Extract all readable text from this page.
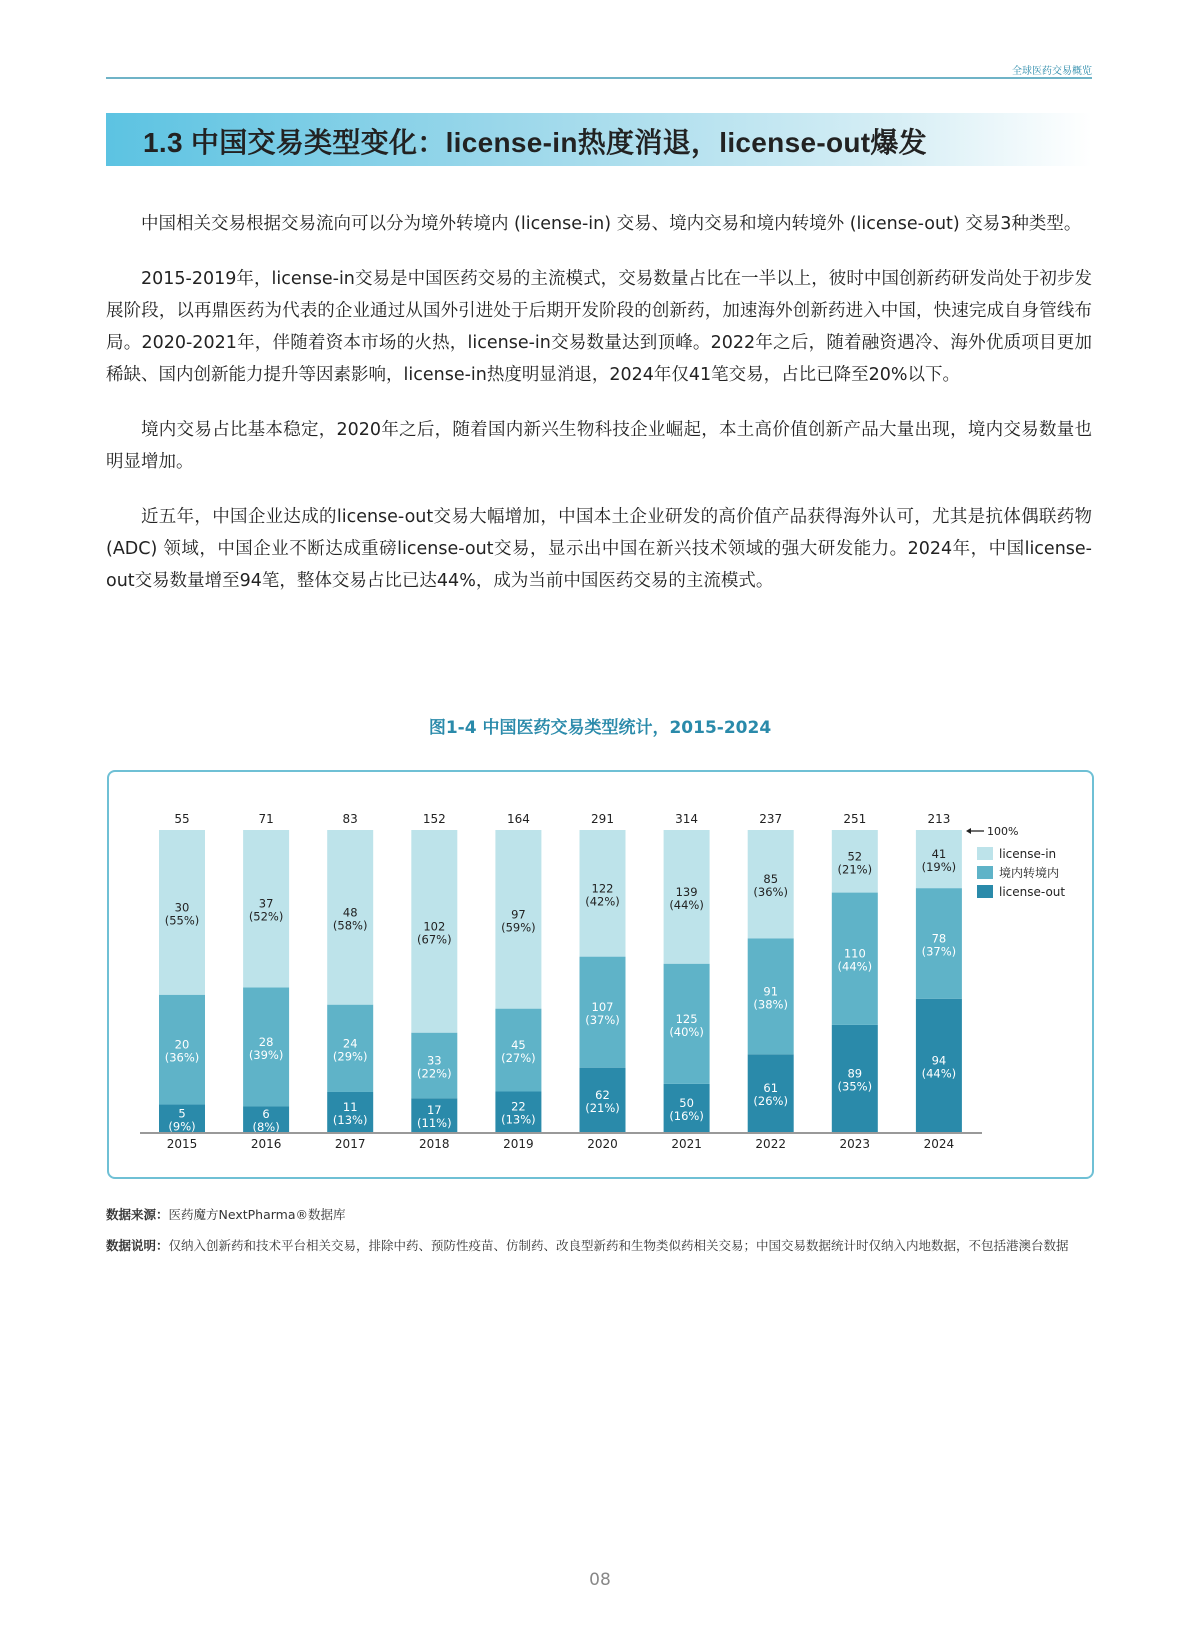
全球医药交易概览
1.3 中国交易类型变化：license-in热度消退，license-out爆发

中国相关交易根据交易流向可以分为境外转境内 (license-in) 交易、境内交易和境内转境外 (license-out) 交易3种类型。

2015-2019年，license-in交易是中国医药交易的主流模式，交易数量占比在一半以上，彼时中国创新药研发尚处于初步发展阶段，以再鼎医药为代表的企业通过从国外引进处于后期开发阶段的创新药，加速海外创新药进入中国，快速完成自身管线布局。2020-2021年，伴随着资本市场的火热，license-in交易数量达到顶峰。2022年之后，随着融资遇冷、海外优质项目更加稀缺、国内创新能力提升等因素影响，license-in热度明显消退，2024年仅41笔交易，占比已降至20%以下。

境内交易占比基本稳定，2020年之后，随着国内新兴生物科技企业崛起，本土高价值创新产品大量出现，境内交易数量也明显增加。

近五年，中国企业达成的license-out交易大幅增加，中国本土企业研发的高价值产品获得海外认可，尤其是抗体偶联药物 (ADC) 领域，中国企业不断达成重磅license-out交易，显示出中国在新兴技术领域的强大研发能力。2024年，中国license-out交易数量增至94笔，整体交易占比已达44%，成为当前中国医药交易的主流模式。

图1-4 中国医药交易类型统计，2015-2024
5
(9%)
20
(36%)
30
(55%)
55
2015
6
(8%)
28
(39%)
37
(52%)
71
2016
11
(13%)
24
(29%)
48
(58%)
83
2017
17
(11%)
33
(22%)
102
(67%)
152
2018
22
(13%)
45
(27%)
97
(59%)
164
2019
62
(21%)
107
(37%)
122
(42%)
291
2020
50
(16%)
125
(40%)
139
(44%)
314
2021
61
(26%)
91
(38%)
85
(36%)
237
2022
89
(35%)
110
(44%)
52
(21%)
251
2023
94
(44%)
78
(37%)
41
(19%)
213
2024
100%
license-in
境内转境内
license-out
数据来源：医药魔方NextPharma®数据库
数据说明：仅纳入创新药和技术平台相关交易，排除中药、预防性疫苗、仿制药、改良型新药和生物类似药相关交易；中国交易数据统计时仅纳入内地数据，不包括港澳台数据
08
